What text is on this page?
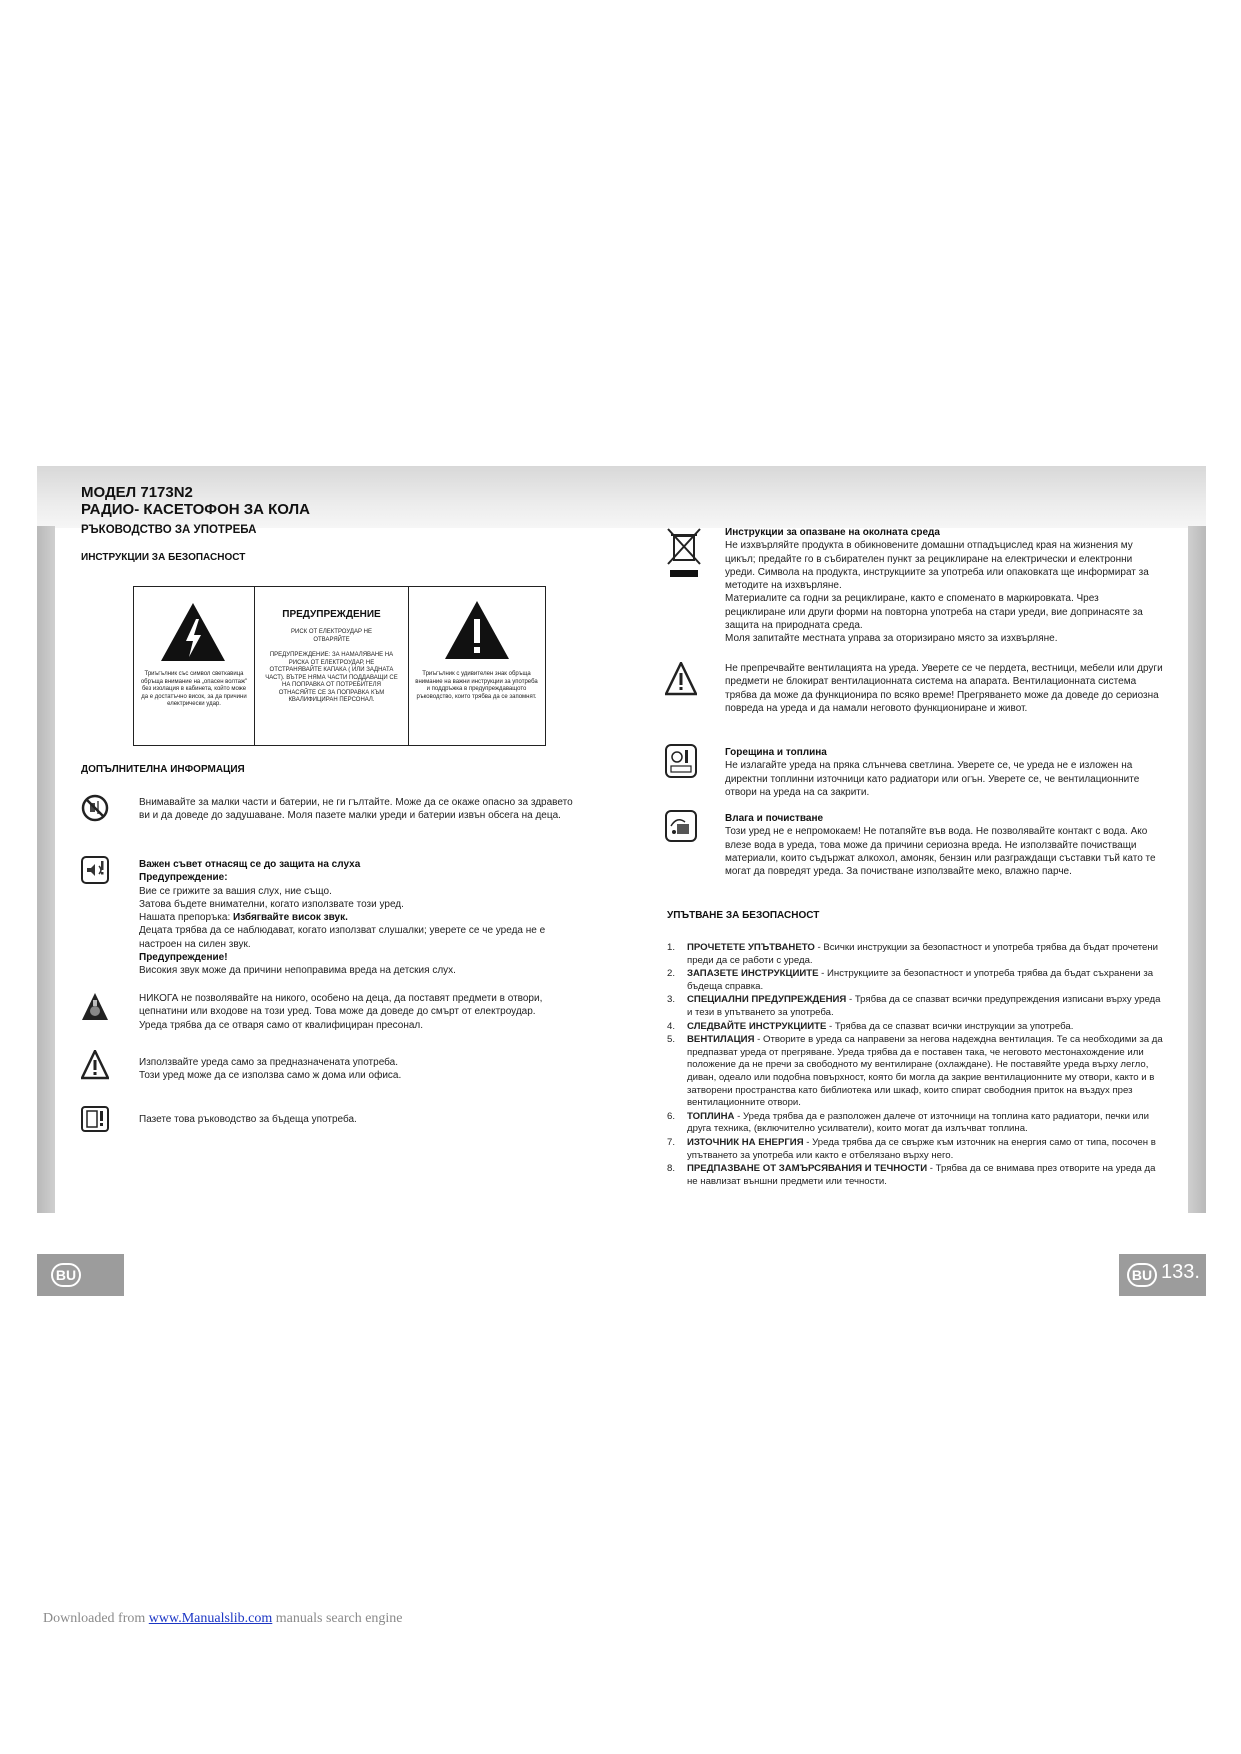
МОДЕЛ 7173N2
РАДИО- КАСЕТОФОН ЗА КОЛА
РЪКОВОДСТВО ЗА УПОТРЕБА
ИНСТРУКЦИИ ЗА БЕЗОПАСНОСТ
Триъгълник със символ светкавица обръща внимание на „опасен волтаж" без изолация в кабинета, който може да е достатъчно висок, за да причини електрически удар.
ПРЕДУПРЕЖДЕНИЕ
РИСК ОТ ЕЛЕКТРОУДАР НЕ ОТВАРЯЙТЕ
ПРЕДУПРЕЖДЕНИЕ: ЗА НАМАЛЯВАНЕ НА РИСКА ОТ ЕЛЕКТРОУДАР, НЕ ОТСТРАНЯВАЙТЕ КАПАКА ( ИЛИ ЗАДНАТА ЧАСТ). ВЪТРЕ НЯМА ЧАСТИ ПОДДАВАЩИ СЕ НА ПОПРАВКА ОТ ПОТРЕБИТЕЛЯ ОТНАСЯЙТЕ СЕ ЗА ПОПРАВКА КЪМ КВАЛИФИЦИРАН ПЕРСОНАЛ.
Триъгълник с удивителен знак обръща внимание на важни инструкции за употреба и поддръжка в предупреждаващото ръководство, които трябва да се запомнят.
ДОПЪЛНИТЕЛНА ИНФОРМАЦИЯ
Внимавайте за малки части и батерии, не ги гълтайте. Може да се окаже опасно за здравето ви и да доведе до задушаване. Моля пазете малки уреди и батерии извън обсега на деца.
Важен съвет отнасящ се до защита на слуха
Предупреждение:
Вие се грижите за вашия слух, ние също.
Затова бъдете внимателни, когато използвате този уред.
Нашата препоръка: Избягвайте висок звук.
Децата трябва да се наблюдават, когато използват слушалки; уверете се че уреда не е настроен на силен звук.
Предупреждение!
Високия звук може да причини непоправима вреда на детския слух.
НИКОГА не позволявайте на никого, особено на деца, да поставят предмети в отвори, цепнатини или входове на този уред. Това може да доведе до смърт от електроудар. Уреда трябва да се отваря само от квалифициран пресонал.
Използвайте уреда само за предназначената употреба.
Този уред може да се използва само ж дома или офиса.
Пазете това ръководство за бъдеща употреба.
Инструкции за опазване на околната среда
Не изхвърляйте продукта в обикновените домашни отпадъцислед края на жизнения му цикъл; предайте го в събирателен пункт за рециклиране на електрически и електронни уреди. Символа на продукта, инструкциите за употреба или опаковката ще информират за методите на изхвърляне.
Материалите са годни за рециклиране, както е споменато в маркировката. Чрез рециклиране или други форми на повторна употреба на стари уреди, вие допринасяте за защита на природната среда.
Моля запитайте местната управа за оторизирано място за изхвърляне.
Не препречвайте вентилацията на уреда. Уверете се че пердета, вестници, мебели или други предмети не блокират вентилационната система на апарата. Вентилационната система трябва да може да функционира по всяко време! Прегряването може да доведе до сериозна повреда на уреда и да намали неговото функциониране и живот.
Горещина и топлина
Не излагайте уреда на пряка слънчева светлина. Уверете се, че уреда не е изложен на директни топлинни източници като радиатори или огън. Уверете се, че вентилационните отвори на уреда на са закрити.
Влага и почистване
Този уред не е непромокаем! Не потапяйте във вода. Не позволявайте контакт с вода. Ако влезе вода в уреда, това може да причини сериозна вреда. Не използвайте почистващи материали, които съдържат алкохол, амоняк, бензин или разграждащи съставки тъй като те могат да повредят уреда. За почистване използвайте меко, влажно парче.
УПЪТВАНЕ ЗА БЕЗОПАСНОСТ
1. ПРОЧЕТЕТЕ УПЪТВАНЕТО - Всички инструкции за безопастност и употреба трябва да бъдат прочетени преди да се работи с уреда.
2. ЗАПАЗЕТЕ ИНСТРУКЦИИТЕ - Инструкциите за безопастност и употреба трябва да бъдат съхранени за бъдеща справка.
3. СПЕЦИАЛНИ ПРЕДУПРЕЖДЕНИЯ - Трябва да се спазват всички предупреждения изписани върху уреда и тези в упътването за употреба.
4. СЛЕДВАЙТЕ ИНСТРУКЦИИТЕ - Трябва да се спазват всички инструкции за употреба.
5. ВЕНТИЛАЦИЯ - Отворите в уреда са направени за негова надеждна вентилация. Те са необходими за да предпазват уреда от прегряване. Уреда трябва да е поставен така, че неговото местонахождение или положение да не пречи за свободното му вентилиране (охлаждане). Не поставяйте уреда върху легло, диван, одеало или подобна повърхност, която би могла да закрие вентилационните му отвори, както и в затворени пространства като библиотека или шкаф, които спират свободния приток на въздух през вентилационните отвори.
6. ТОПЛИНА - Уреда трябва да е разположен далече от източници на топлина като радиатори, печки или друга техника, (включително усилватели), които могат да излъчват топлина.
7. ИЗТОЧНИК НА ЕНЕРГИЯ - Уреда трябва да се свърже към източник на енергия само от типа, посочен в упътването за употреба или както е отбелязано върху него.
8. ПРЕДПАЗВАНЕ ОТ ЗАМЪРСЯВАНИЯ И ТЕЧНОСТИ - Трябва да се внимава през отворите на уреда да не навлизат външни предмети или течности.
BU	BU 133.
Downloaded from www.Manualslib.com manuals search engine
